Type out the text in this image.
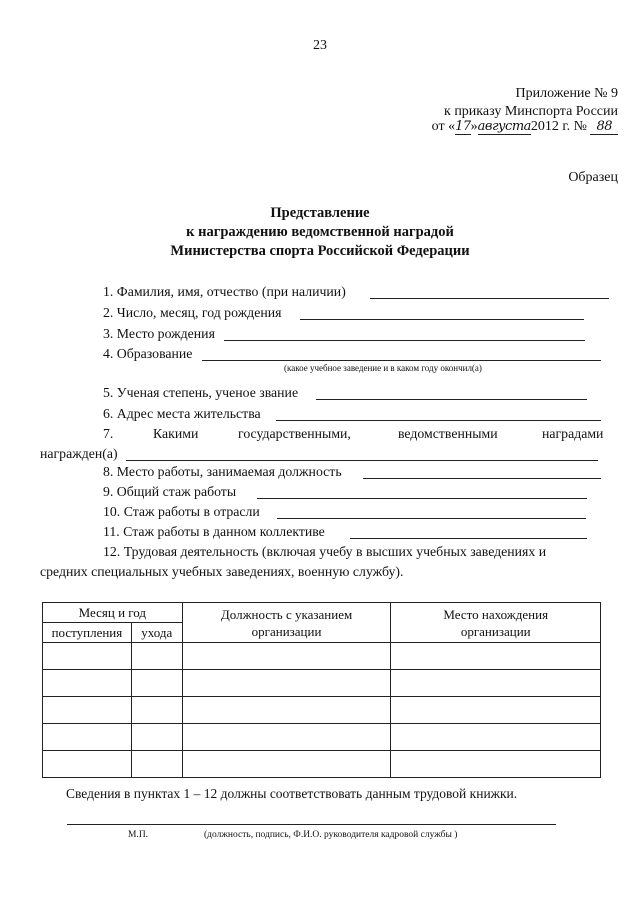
23
Приложение № 9
к приказу Минспорта России
от «17»августа2012 г. № 88
Образец
Представление
к награждению ведомственной наградой
Министерства спорта Российской Федерации
1. Фамилия, имя, отчество (при наличии)
2. Число, месяц, год рождения
3. Место рождения
4. Образование
(какое учебное заведение и в каком году окончил(а)
5. Ученая степень, ученое звание
6. Адрес места жительства
7.	Какими	государственными,	ведомственными	наградами
награжден(а)
8. Место работы, занимаемая должность
9. Общий стаж работы
10. Стаж работы в отрасли
11. Стаж работы в данном коллективе
12. Трудовая деятельность (включая учебу в высших учебных заведениях и
средних специальных учебных заведениях, военную службу).
Месяц и год		Должность с указанием организации	Место нахождения организации
поступления	ухода		

Сведения в пунктах 1 – 12 должны соответствовать данным трудовой книжки.
М.П.	(должность, подпись, Ф.И.О. руководителя кадровой службы )
